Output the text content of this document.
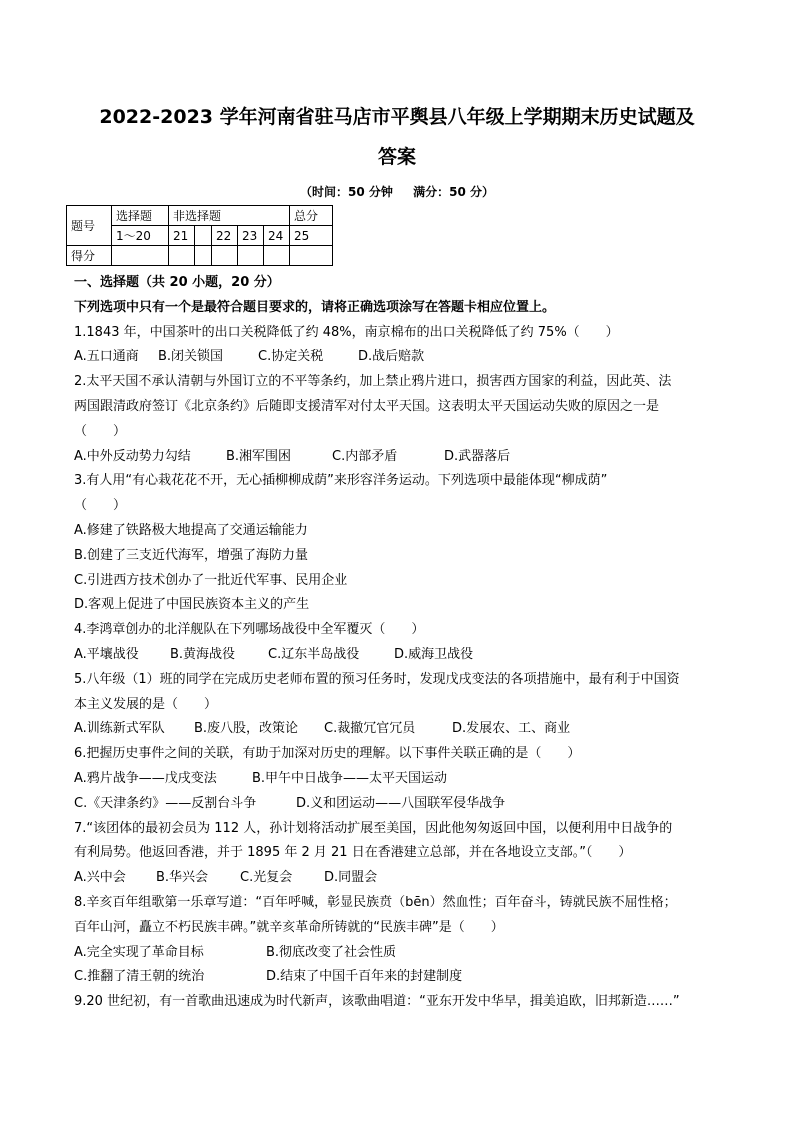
2022-2023 学年河南省驻马店市平舆县八年级上学期期末历史试题及
答案
（时间：50 分钟 满分：50 分）
题号	选择题	非选择题					总分
	1～20	21		22	23	24	25
得分							
一、选择题（共 20 小题，20 分）
下列选项中只有一个是最符合题目要求的，请将正确选项涂写在答题卡相应位置上。
1.1843 年，中国茶叶的出口关税降低了约 48%，南京棉布的出口关税降低了约 75%（　　）
A.五口通商 B.闭关锁国	C.协定关税	D.战后赔款
2.太平天国不承认清朝与外国订立的不平等条约，加上禁止鸦片进口，损害西方国家的利益，因此英、法
两国跟清政府签订《北京条约》后随即支援清军对付太平天国。这表明太平天国运动失败的原因之一是
（　　）
A.中外反动势力勾结	B.湘军围困	C.内部矛盾	D.武器落后
3.有人用“有心栽花花不开，无心插柳柳成荫”来形容洋务运动。下列选项中最能体现“柳成荫”
（　　）
A.修建了铁路极大地提高了交通运输能力
B.创建了三支近代海军，增强了海防力量
C.引进西方技术创办了一批近代军事、民用企业
D.客观上促进了中国民族资本主义的产生
4.李鸿章创办的北洋舰队在下列哪场战役中全军覆灭（　　）
A.平壤战役 B.黄海战役	C.辽东半岛战役	D.威海卫战役
5.八年级（1）班的同学在完成历史老师布置的预习任务时，发现戊戌变法的各项措施中，最有利于中国资
本主义发展的是（　　）
A.训练新式军队 B.废八股，改策论 C.裁撤冗官冗员	D.发展农、工、商业
6.把握历史事件之间的关联，有助于加深对历史的理解。以下事件关联正确的是（　　）
A.鸦片战争——戊戌变法	B.甲午中日战争——太平天国运动
C.《天津条约》——反割台斗争	D.义和团运动——八国联军侵华战争
7.“该团体的最初会员为 112 人，孙计划将活动扩展至美国，因此他匆匆返回中国，以便利用中日战争的
有利局势。他返回香港，并于 1895 年 2 月 21 日在香港建立总部，并在各地设立支部。”（　　）
A.兴中会 B.华兴会 C.光复会 D.同盟会
8.辛亥百年组歌第一乐章写道：“百年呼喊，彰显民族贲（bēn）然血性；百年奋斗，铸就民族不屈性格；
百年山河，矗立不朽民族丰碑。”就辛亥革命所铸就的“民族丰碑”是（　　）
A.完全实现了革命目标	B.彻底改变了社会性质
C.推翻了清王朝的统治	D.结束了中国千百年来的封建制度
9.20 世纪初，有一首歌曲迅速成为时代新声，该歌曲唱道：“亚东开发中华早，揖美追欧，旧邦新造……”
